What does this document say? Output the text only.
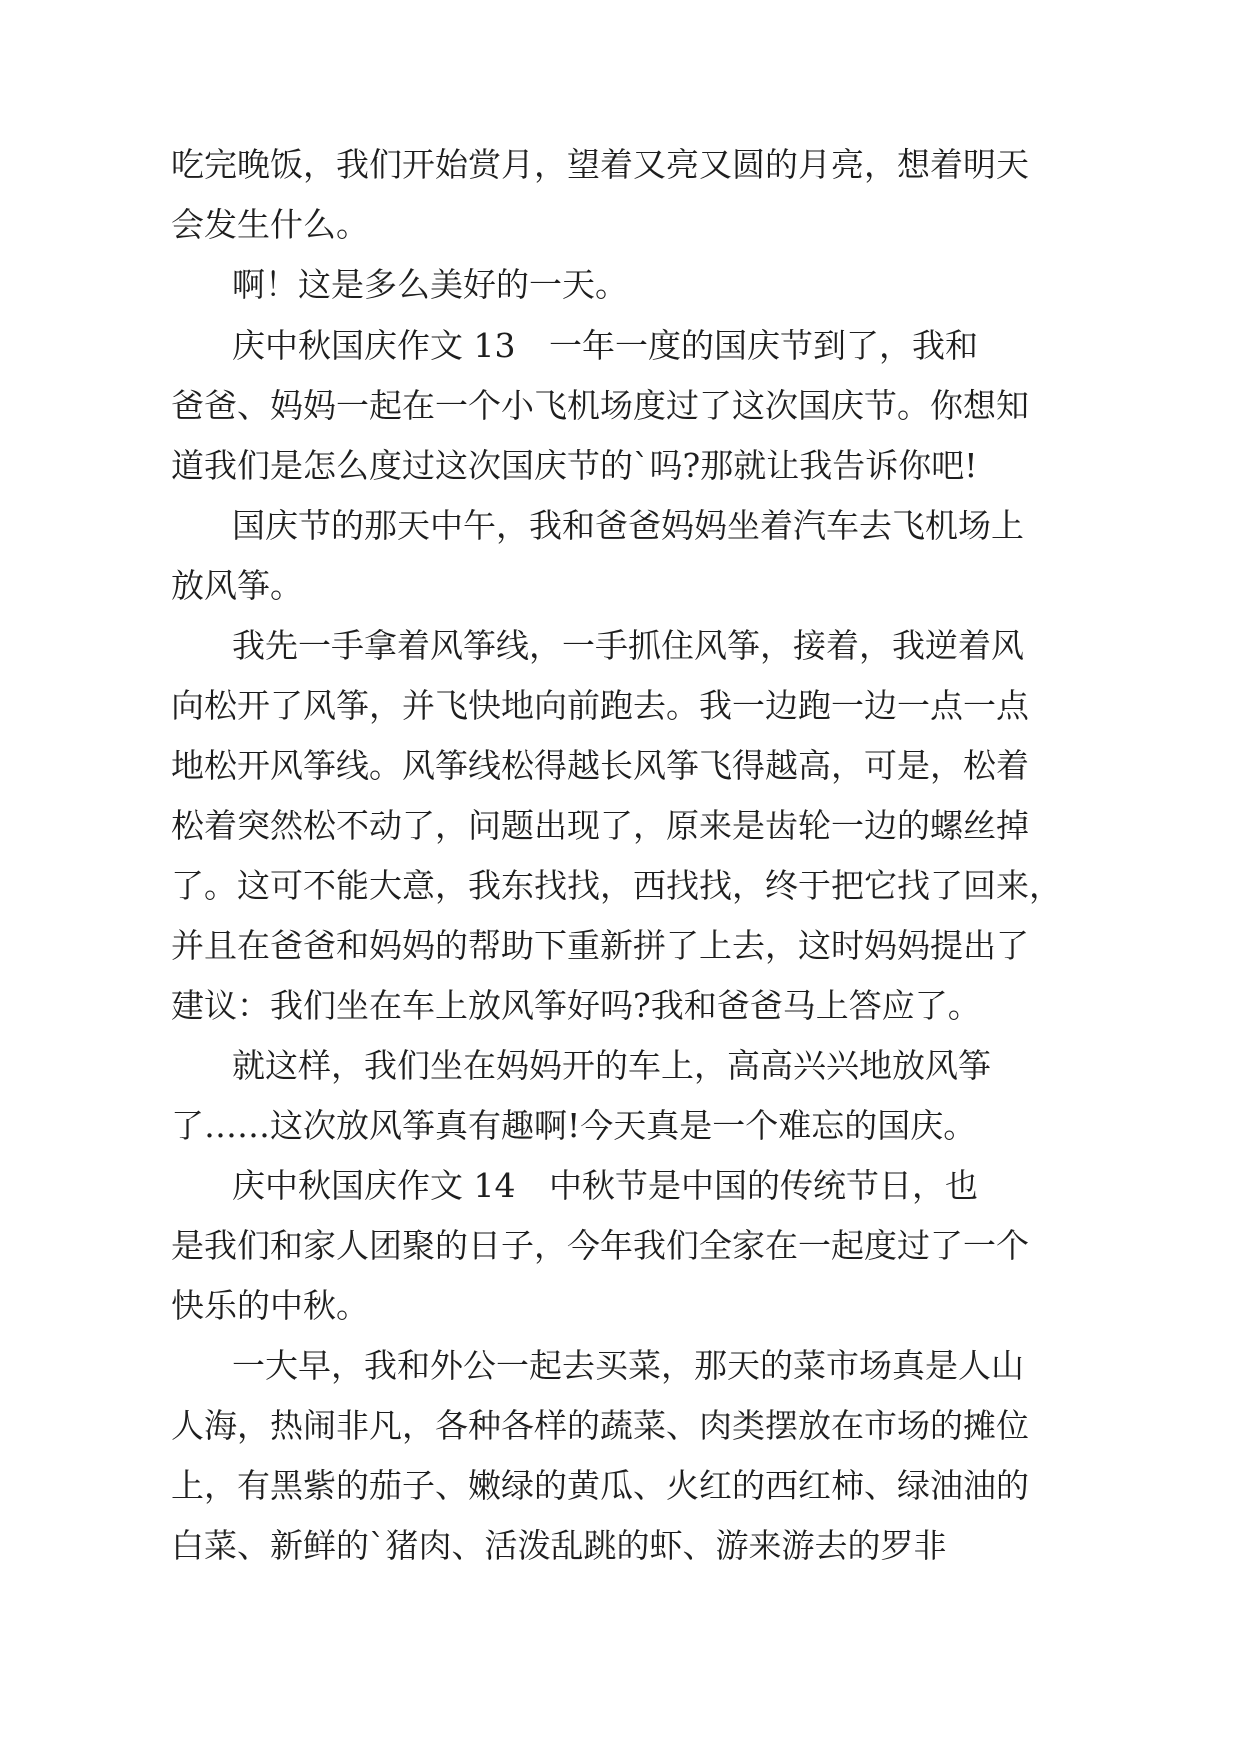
吃完晚饭，我们开始赏月，望着又亮又圆的月亮，想着明天

会发生什么。

啊！这是多么美好的一天。

庆中秋国庆作文 13

一年一度的国庆节到了，我和

爸爸、妈妈一起在一个小飞机场度过了这次国庆节。你想知

道我们是怎么度过这次国庆节的`吗?那就让我告诉你吧!

国庆节的那天中午，我和爸爸妈妈坐着汽车去飞机场上

放风筝。

我先一手拿着风筝线，一手抓住风筝，接着，我逆着风

向松开了风筝，并飞快地向前跑去。我一边跑一边一点一点

地松开风筝线。风筝线松得越长风筝飞得越高，可是，松着

松着突然松不动了，问题出现了，原来是齿轮一边的螺丝掉

了。这可不能大意，我东找找，西找找，终于把它找了回来，

并且在爸爸和妈妈的帮助下重新拼了上去，这时妈妈提出了

建议：我们坐在车上放风筝好吗?我和爸爸马上答应了。

就这样，我们坐在妈妈开的车上，高高兴兴地放风筝

了……这次放风筝真有趣啊!今天真是一个难忘的国庆。

庆中秋国庆作文 14

中秋节是中国的传统节日，也

是我们和家人团聚的日子，今年我们全家在一起度过了一个

快乐的中秋。

一大早，我和外公一起去买菜，那天的菜市场真是人山

人海，热闹非凡，各种各样的蔬菜、肉类摆放在市场的摊位

上，有黑紫的茄子、嫩绿的黄瓜、火红的西红柿、绿油油的

白菜、新鲜的`猪肉、活泼乱跳的虾、游来游去的罗非
